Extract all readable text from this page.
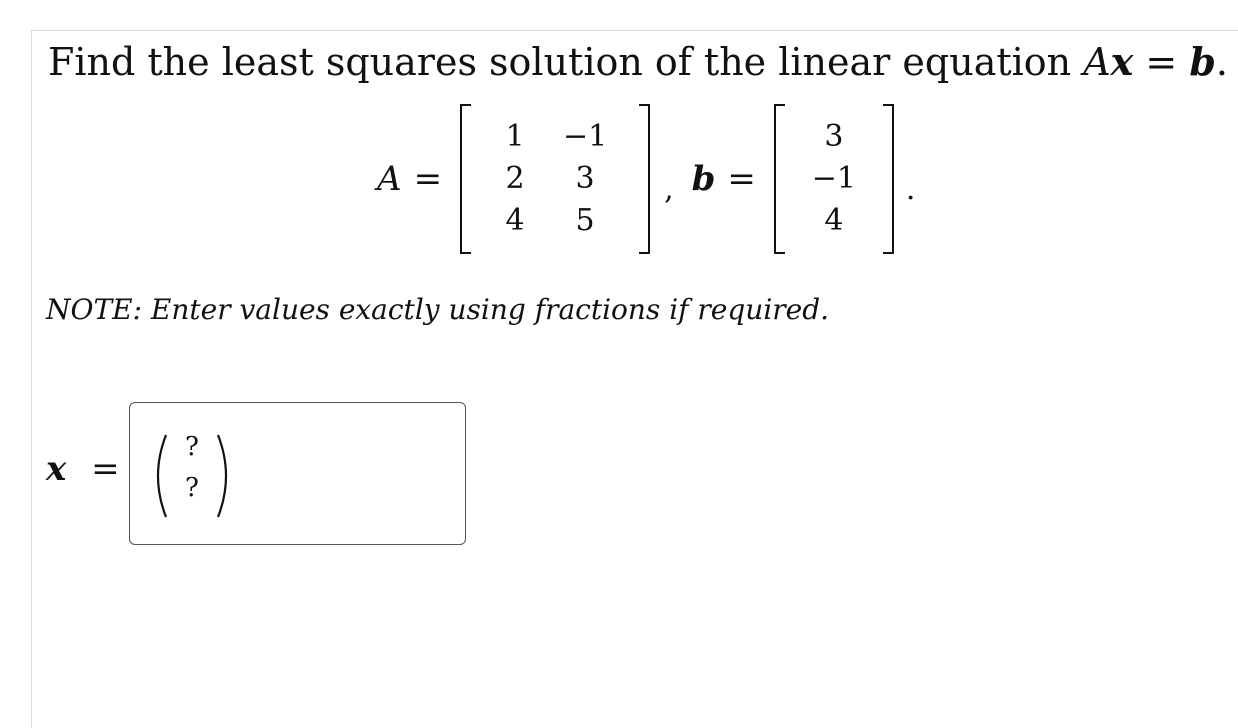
Find the least squares solution of the linear equation Ax = b.
A =
1	−1
2	3
4	5
, b =
3
−1
4
.
NOTE: Enter values exactly using fractions if required.
x =
?
?
